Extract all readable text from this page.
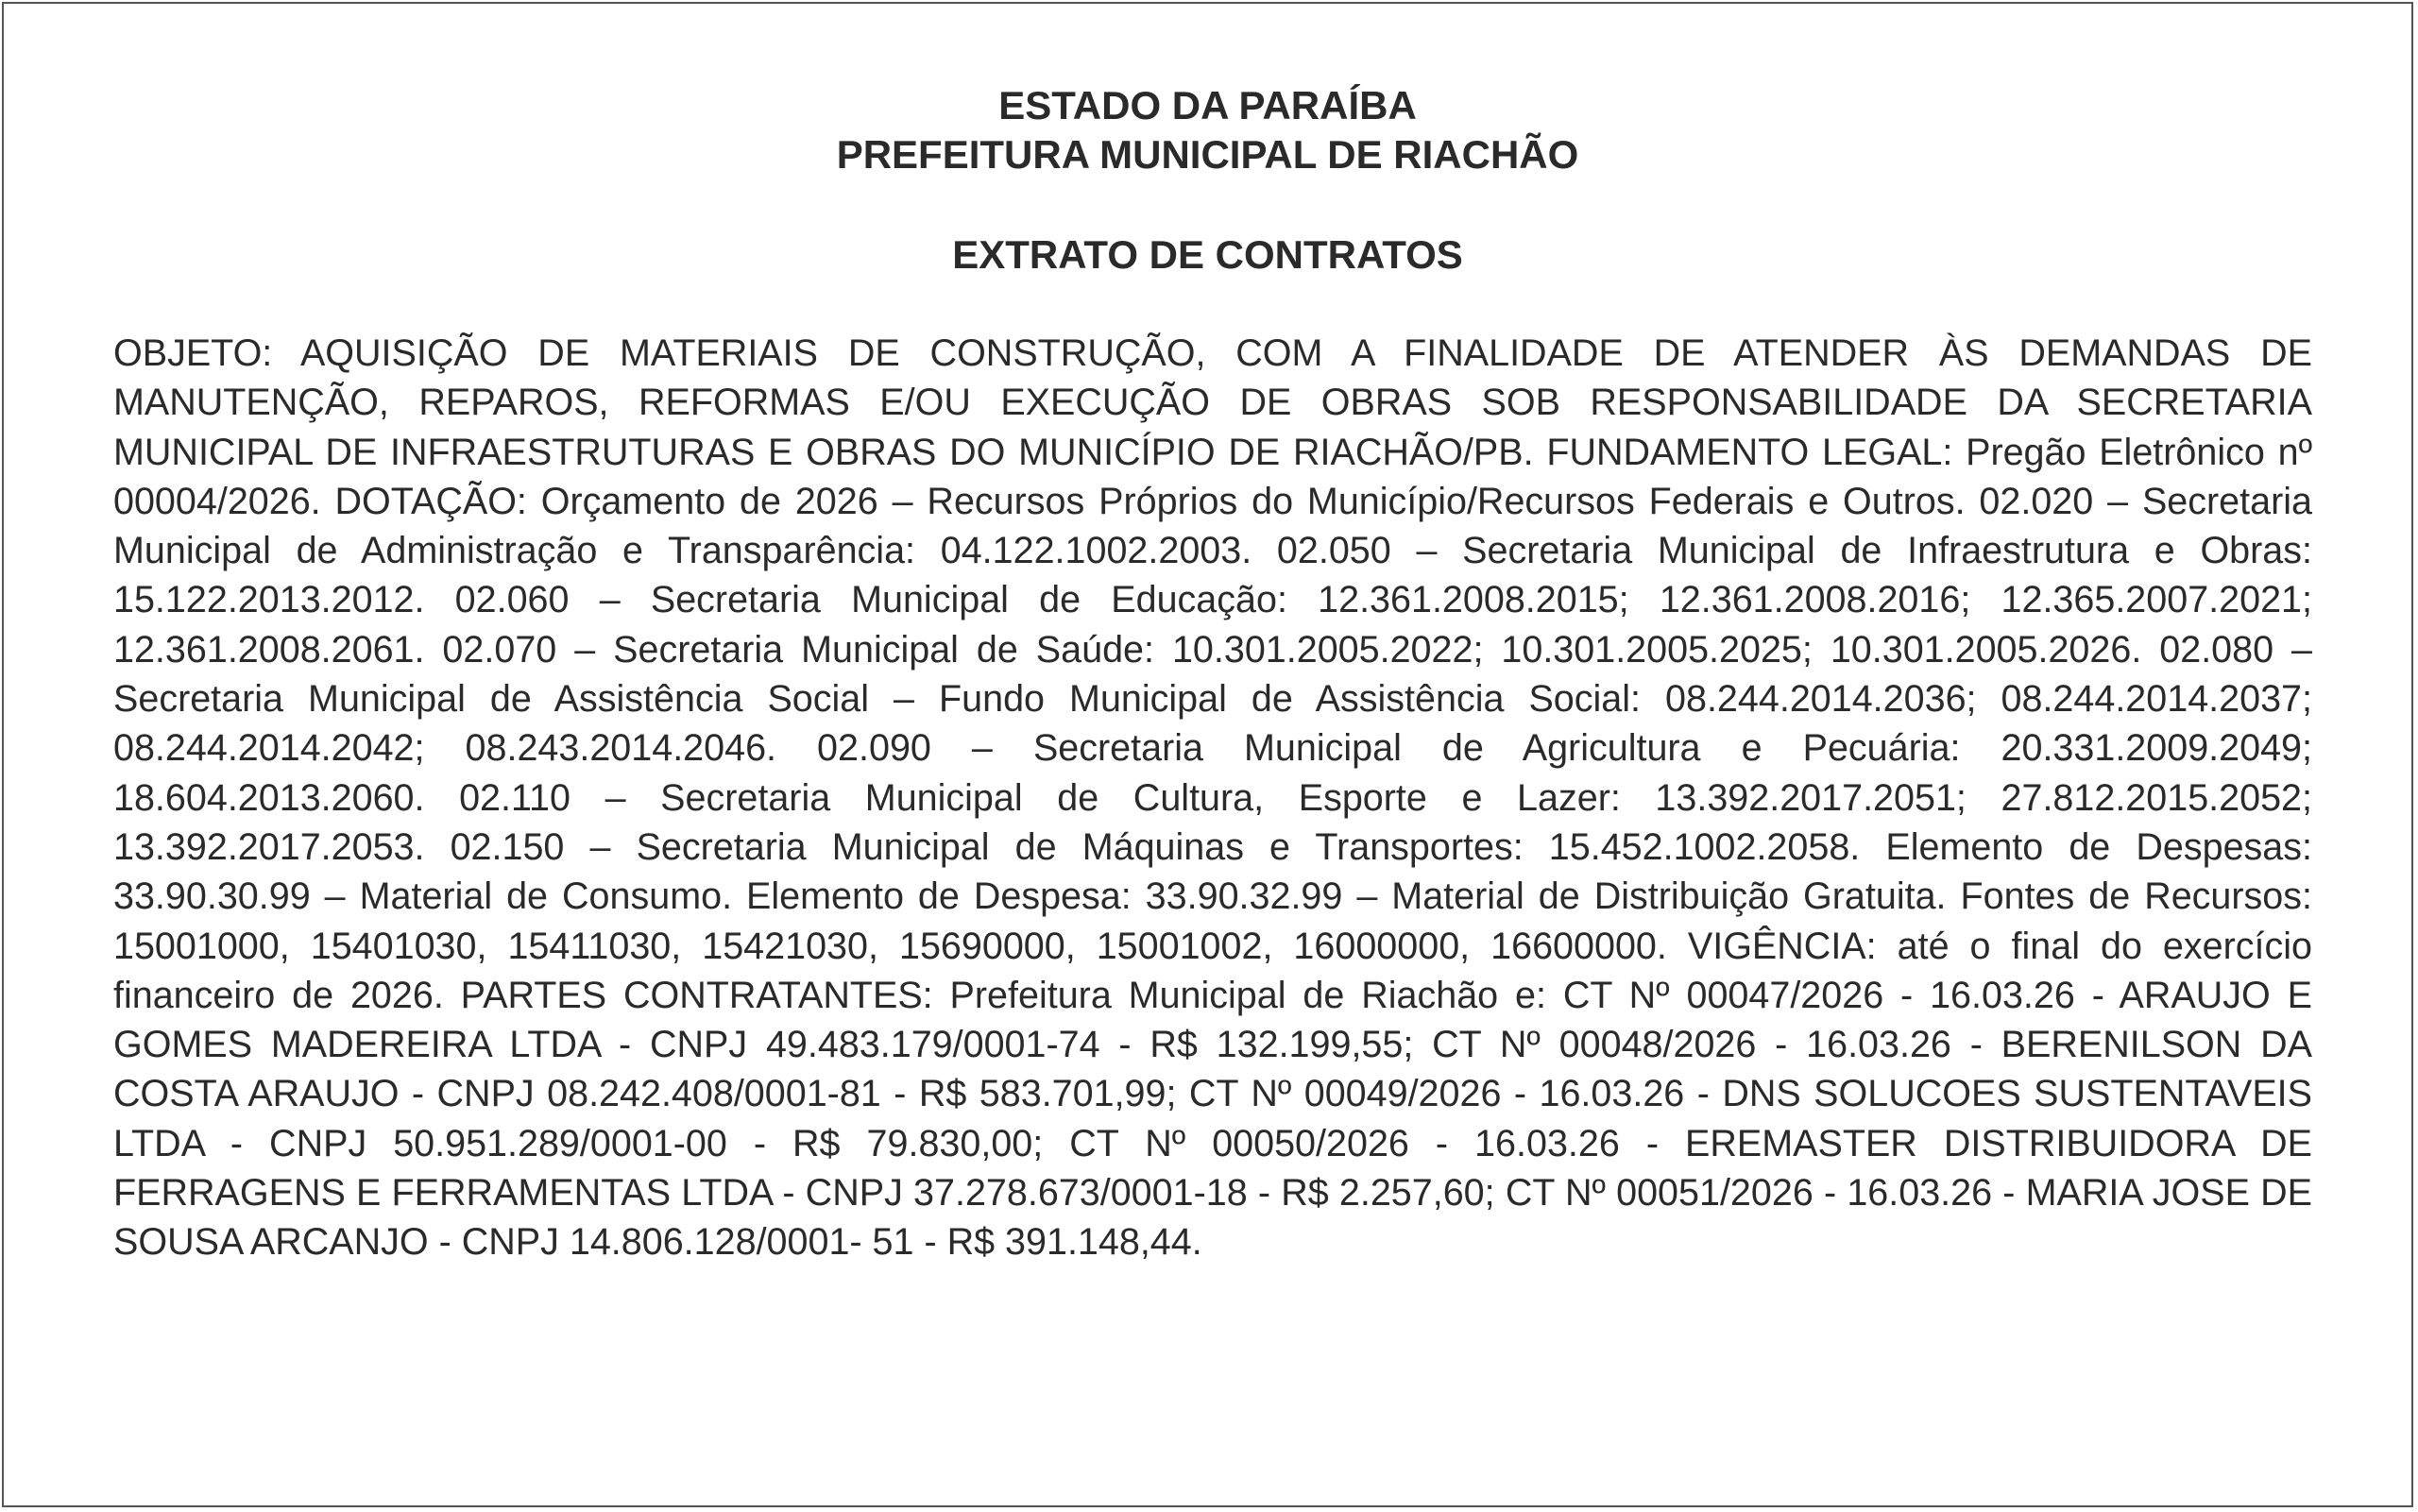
ESTADO DA PARAÍBA
PREFEITURA MUNICIPAL DE RIACHÃO
EXTRATO DE CONTRATOS

OBJETO: AQUISIÇÃO DE MATERIAIS DE CONSTRUÇÃO, COM A FINALIDADE DE ATENDER ÀS DEMANDAS DE MANUTENÇÃO, REPAROS, REFORMAS E/OU EXECUÇÃO DE OBRAS SOB RESPONSABILIDADE DA SECRETARIA MUNICIPAL DE INFRAESTRUTURAS E OBRAS DO MUNICÍPIO DE RIACHÃO/PB. FUNDAMENTO LEGAL: Pregão Eletrônico nº 00004/2026. DOTAÇÃO: Orçamento de 2026 – Recursos Próprios do Município/Recursos Federais e Outros. 02.020 – Secretaria Municipal de Administração e Transparência: 04.122.1002.2003. 02.050 – Secretaria Municipal de Infraestrutura e Obras: 15.122.2013.2012. 02.060 – Secretaria Municipal de Educação: 12.361.2008.2015; 12.361.2008.2016; 12.365.2007.2021; 12.361.2008.2061. 02.070 – Secretaria Municipal de Saúde: 10.301.2005.2022; 10.301.2005.2025; 10.301.2005.2026. 02.080 – Secretaria Municipal de Assistência Social – Fundo Municipal de Assistência Social: 08.244.2014.2036; 08.244.2014.2037; 08.244.2014.2042; 08.243.2014.2046. 02.090 – Secretaria Municipal de Agricultura e Pecuária: 20.331.2009.2049; 18.604.2013.2060. 02.110 – Secretaria Municipal de Cultura, Esporte e Lazer: 13.392.2017.2051; 27.812.2015.2052; 13.392.2017.2053. 02.150 – Secretaria Municipal de Máquinas e Transportes: 15.452.1002.2058. Elemento de Despesas: 33.90.30.99 – Material de Consumo. Elemento de Despesa: 33.90.32.99 – Material de Distribuição Gratuita. Fontes de Recursos: 15001000, 15401030, 15411030, 15421030, 15690000, 15001002, 16000000, 16600000. VIGÊNCIA: até o final do exercício financeiro de 2026. PARTES CONTRATANTES: Prefeitura Municipal de Riachão e: CT Nº 00047/2026 - 16.03.26 - ARAUJO E GOMES MADEREIRA LTDA - CNPJ 49.483.179/0001-74 - R$ 132.199,55; CT Nº 00048/2026 - 16.03.26 - BERENILSON DA COSTA ARAUJO - CNPJ 08.242.408/0001-81 - R$ 583.701,99; CT Nº 00049/2026 - 16.03.26 - DNS SOLUCOES SUSTENTAVEIS LTDA - CNPJ 50.951.289/0001-00 - R$ 79.830,00; CT Nº 00050/2026 - 16.03.26 - EREMASTER DISTRIBUIDORA DE FERRAGENS E FERRAMENTAS LTDA - CNPJ 37.278.673/0001-18 - R$ 2.257,60; CT Nº 00051/2026 - 16.03.26 - MARIA JOSE DE SOUSA ARCANJO - CNPJ 14.806.128/0001- 51 - R$ 391.148,44.
